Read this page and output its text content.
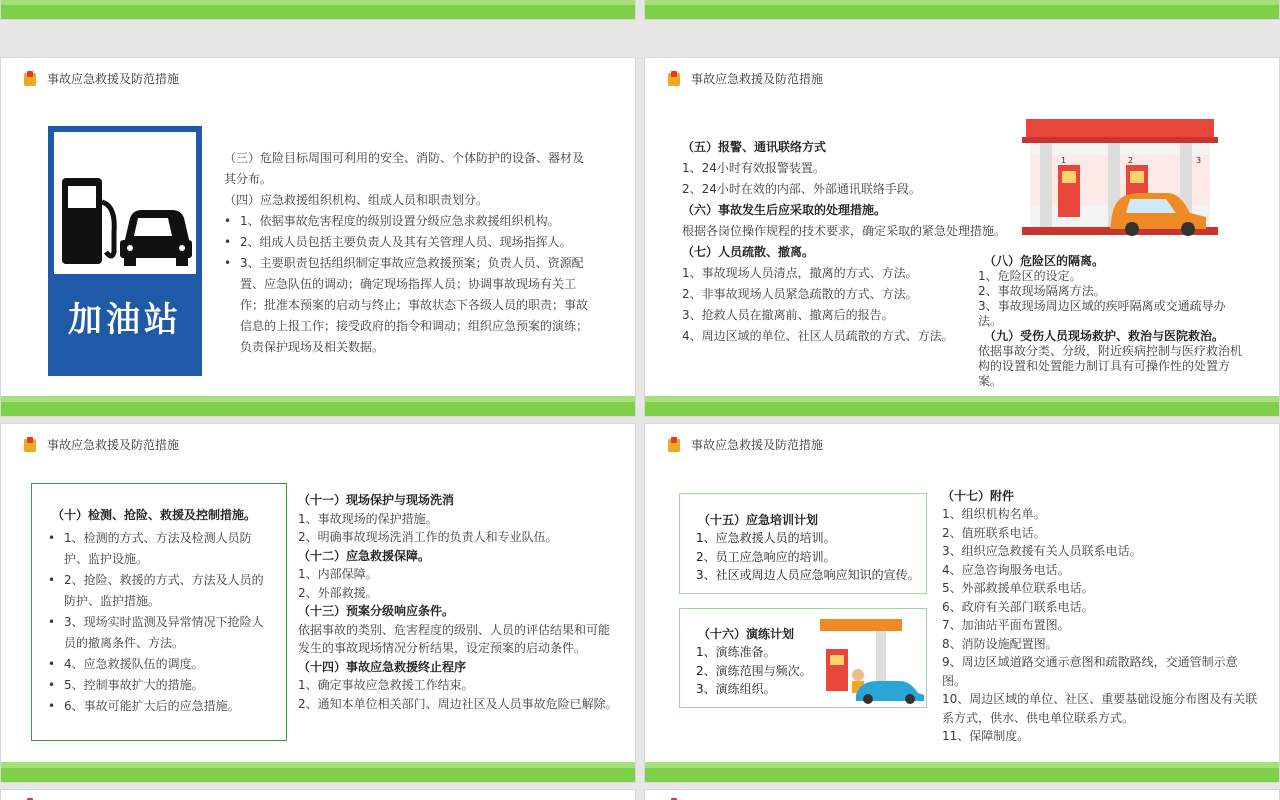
事故应急救援及防范措施
加油站
（三）危险目标周围可利用的安全、消防、个体防护的设备、器材及
其分布。
（四）应急救援组织机构、组成人员和职责划分。
• 1、依据事故危害程度的级别设置分级应急求救援组织机构。
• 2、组成人员包括主要负责人及其有关管理人员、现场指挥人。
• 3、主要职责包括组织制定事故应急救援预案；负责人员、资源配置、应急队伍的调动；确定现场指挥人员；协调事故现场有关工作；批准本预案的启动与终止；事故状态下各级人员的职责；事故信息的上报工作；接受政府的指令和调动；组织应急预案的演练；负责保护现场及相关数据。
事故应急救援及防范措施
（五）报警、通讯联络方式
1、24小时有效报警装置。
2、24小时在效的内部、外部通讯联络手段。
（六）事故发生后应采取的处理措施。
根据各岗位操作规程的技术要求，确定采取的紧急处理措施。
（七）人员疏散、撤离。
1、事故现场人员清点，撤离的方式、方法。
2、非事故现场人员紧急疏散的方式、方法。
3、抢救人员在撤离前、撤离后的报告。
4、周边区域的单位、社区人员疏散的方式、方法。
（八）危险区的隔离。
1、危险区的设定。
2、事故现场隔离方法。
3、事故现场周边区域的疾呼隔离或交通疏导办法。
（九）受伤人员现场救护、救治与医院救治。
依据事故分类、分级，附近疾病控制与医疗救治机构的设置和处置能力制订具有可操作性的处置方案。
1	2	3
事故应急救援及防范措施
（十）检测、抢险、救援及控制措施。
• 1、检测的方式、方法及检测人员防护、监护设施。
• 2、抢险、救援的方式、方法及人员的防护、监护措施。
• 3、现场实时监测及异常情况下抢险人员的撤离条件、方法。
• 4、应急救援队伍的调度。
• 5、控制事故扩大的措施。
• 6、事故可能扩大后的应急措施。
（十一）现场保护与现场洗消
1、事故现场的保护措施。
2、明确事故现场洗消工作的负责人和专业队伍。
（十二）应急救援保障。
1、内部保障。
2、外部救援。
（十三）预案分级响应条件。
依据事故的类别、危害程度的级别、人员的评估结果和可能发生的事故现场情况分析结果，设定预案的启动条件。
（十四）事故应急救援终止程序
1、确定事故应急救援工作结束。
2、通知本单位相关部门、周边社区及人员事故危险已解除。
事故应急救援及防范措施
（十五）应急培训计划
1、应急救援人员的培训。
2、员工应急响应的培训。
3、社区或周边人员应急响应知识的宣传。
（十六）演练计划
1、演练准备。
2、演练范围与频次。
3、演练组织。
（十七）附件
1、组织机构名单。
2、值班联系电话。
3、组织应急救援有关人员联系电话。
4、应急咨询服务电话。
5、外部救援单位联系电话。
6、政府有关部门联系电话。
7、加油站平面布置图。
8、消防设施配置图。
9、周边区域道路交通示意图和疏散路线，交通管制示意图。
10、周边区域的单位、社区、重要基础设施分布图及有关联系方式，供水、供电单位联系方式。
11、保障制度。
